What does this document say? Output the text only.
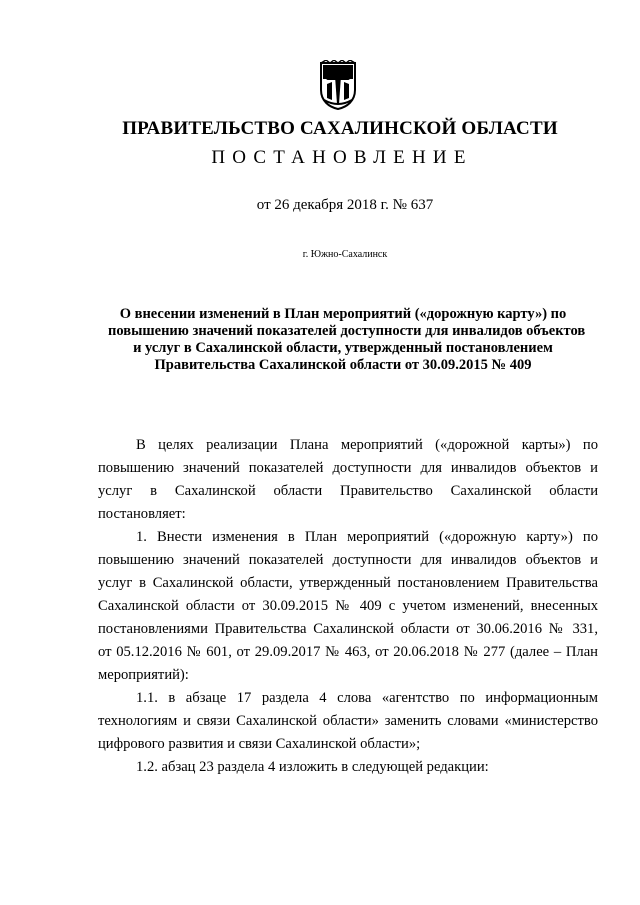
ПРАВИТЕЛЬСТВО САХАЛИНСКОЙ ОБЛАСТИ
ПОСТАНОВЛЕНИЕ
от 26 декабря 2018 г. № 637
г. Южно-Сахалинск
О внесении изменений в План мероприятий («дорожную карту») по
повышению значений показателей доступности для инвалидов объектов
и услуг в Сахалинской области, утвержденный постановлением
Правительства Сахалинской области от 30.09.2015 № 409

В целях реализации Плана мероприятий («дорожной карты») по
повышению значений показателей доступности для инвалидов объектов и
услуг в Сахалинской области Правительство Сахалинской области
постановляет:

1. Внести изменения в План мероприятий («дорожную карту») по
повышению значений показателей доступности для инвалидов объектов и
услуг в Сахалинской области, утвержденный постановлением Правительства
Сахалинской области от 30.09.2015 № 409 с учетом изменений, внесенных
постановлениями Правительства Сахалинской области от 30.06.2016 № 331,
от 05.12.2016 № 601, от 29.09.2017 № 463, от 20.06.2018 № 277 (далее – План
мероприятий):

1.1. в абзаце 17 раздела 4 слова «агентство по информационным
технологиям и связи Сахалинской области» заменить словами «министерство
цифрового развития и связи Сахалинской области»;

1.2. абзац 23 раздела 4 изложить в следующей редакции:
